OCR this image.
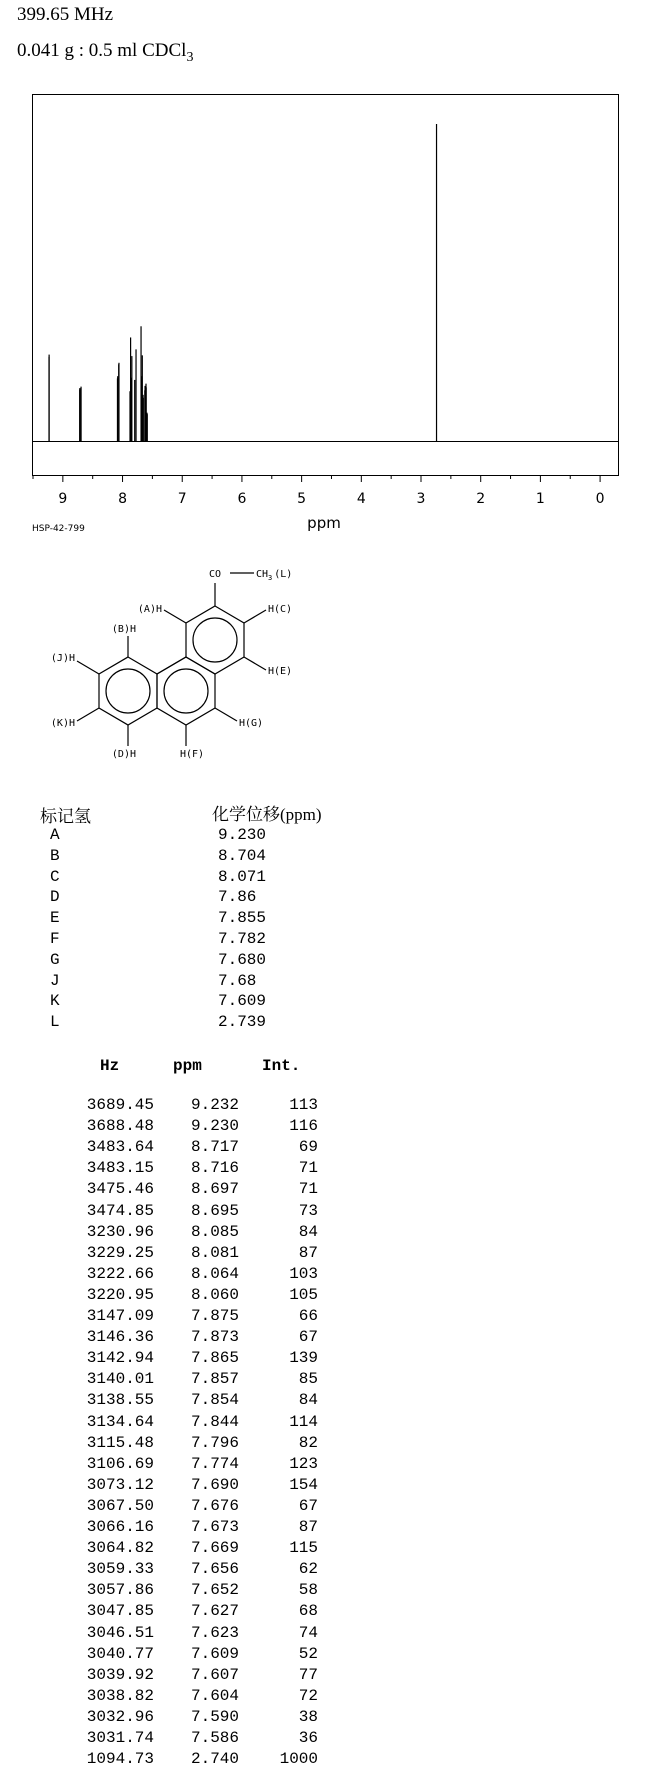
399.65 MHz
0.041 g : 0.5 ml CDCl$_3$
9	8	7	6	5	4	3	2	1	0
ppm
HSP-42-799
CO	$CH_3$ (L)
(A)H	H(C)
(B)H
(J)H
H(E)
(K)H	H(G)
(D)H	H(F)
标记氢	化学位移(ppm)
A	9.230
B	8.704
C	8.071
D	7.86
E	7.855
F	7.782
G	7.680
J	7.68
K	7.609
L	2.739
Hz	ppm	Int.
3689.45 9.232	113
3688.48 9.230	116
3483.64 8.717	69
3483.15 8.716	71
3475.46 8.697	71
3474.85 8.695	73
3230.96 8.085	84
3229.25 8.081	87
3222.66 8.064	103
3220.95 8.060	105
3147.09 7.875	66
3146.36 7.873	67
3142.94 7.865	139
3140.01 7.857	85
3138.55 7.854	84
3134.64 7.844	114
3115.48 7.796	82
3106.69 7.774	123
3073.12 7.690	154
3067.50 7.676	67
3066.16 7.673	87
3064.82 7.669	115
3059.33 7.656	62
3057.86 7.652	58
3047.85 7.627	68
3046.51 7.623	74
3040.77 7.609	52
3039.92 7.607	77
3038.82 7.604	72
3032.96 7.590	38
3031.74 7.586	36
1094.73 2.740	1000
